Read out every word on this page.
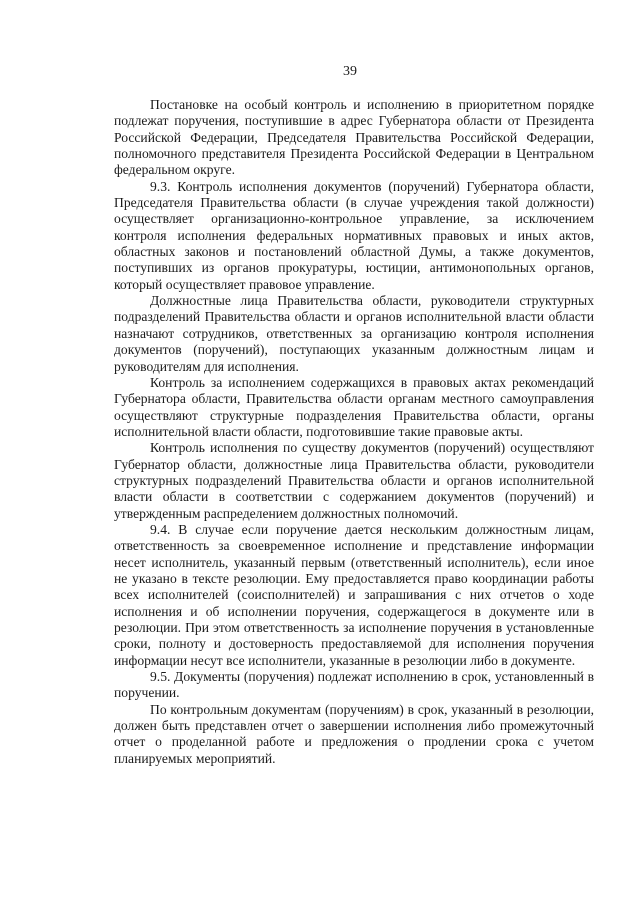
39

Постановке на особый контроль и исполнению в приоритетном порядке подлежат поручения, поступившие в адрес Губернатора области от Президента Российской Федерации, Председателя Правительства Российской Федерации, полномочного представителя Президента Российской Федерации в Центральном федеральном округе.

9.3. Контроль исполнения документов (поручений) Губернатора области, Председателя Правительства области (в случае учреждения такой должности) осуществляет организационно-контрольное управление, за исключением контроля исполнения федеральных нормативных правовых и иных актов, областных законов и постановлений областной Думы, а также документов, поступивших из органов прокуратуры, юстиции, антимонопольных органов, который осуществляет правовое управление.

Должностные лица Правительства области, руководители структурных подразделений Правительства области и органов исполнительной власти области назначают сотрудников, ответственных за организацию контроля исполнения документов (поручений), поступающих указанным должностным лицам и руководителям для исполнения.

Контроль за исполнением содержащихся в правовых актах рекомендаций Губернатора области, Правительства области органам местного самоуправления осуществляют структурные подразделения Правительства области, органы исполнительной власти области, подготовившие такие правовые акты.

Контроль исполнения по существу документов (поручений) осуществляют Губернатор области, должностные лица Правительства области, руководители структурных подразделений Правительства области и органов исполнительной власти области в соответствии с содержанием документов (поручений) и утвержденным распределением должностных полномочий.

9.4. В случае если поручение дается нескольким должностным лицам, ответственность за своевременное исполнение и представление информации несет исполнитель, указанный первым (ответственный исполнитель), если иное не указано в тексте резолюции. Ему предоставляется право координации работы всех исполнителей (соисполнителей) и запрашивания с них отчетов о ходе исполнения и об исполнении поручения, содержащегося в документе или в резолюции. При этом ответственность за исполнение поручения в установленные сроки, полноту и достоверность предоставляемой для исполнения поручения информации несут все исполнители, указанные в резолюции либо в документе.

9.5. Документы (поручения) подлежат исполнению в срок, установленный в поручении.

По контрольным документам (поручениям) в срок, указанный в резолюции, должен быть представлен отчет о завершении исполнения либо промежуточный отчет о проделанной работе и предложения о продлении срока с учетом планируемых мероприятий.
